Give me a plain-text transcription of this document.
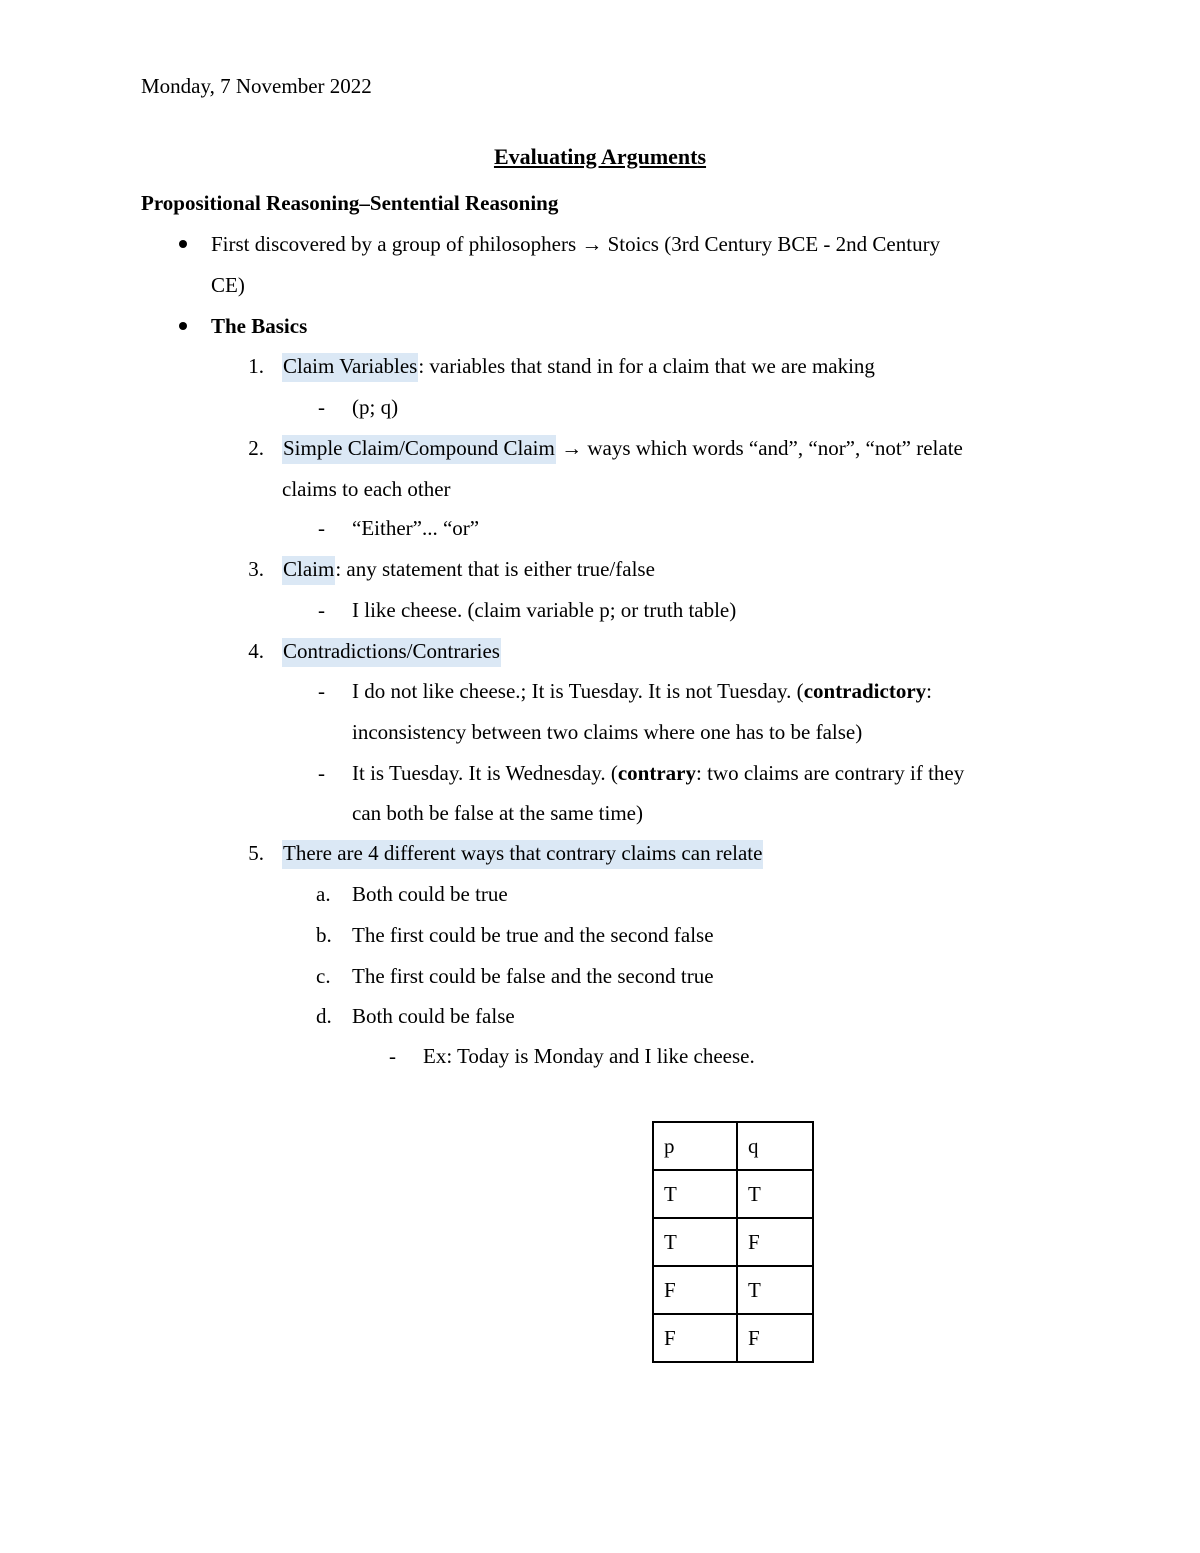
Monday, 7 November 2022
Evaluating Arguments
Propositional Reasoning–Sentential Reasoning
First discovered by a group of philosophers → Stoics (3rd Century BCE - 2nd Century
CE)
The Basics
1. Claim Variables: variables that stand in for a claim that we are making
- (p; q)
2. Simple Claim/Compound Claim → ways which words “and”, “nor”, “not” relate
claims to each other
- “Either”... “or”
3. Claim: any statement that is either true/false
- I like cheese. (claim variable p; or truth table)
4. Contradictions/Contraries
- I do not like cheese.; It is Tuesday. It is not Tuesday. (contradictory:
inconsistency between two claims where one has to be false)
- It is Tuesday. It is Wednesday. (contrary: two claims are contrary if they
can both be false at the same time)
5. There are 4 different ways that contrary claims can relate
a. Both could be true
b. The first could be true and the second false
c. The first could be false and the second true
d. Both could be false
- Ex: Today is Monday and I like cheese.
p	q
T	T
T	F
F	T
F	F
